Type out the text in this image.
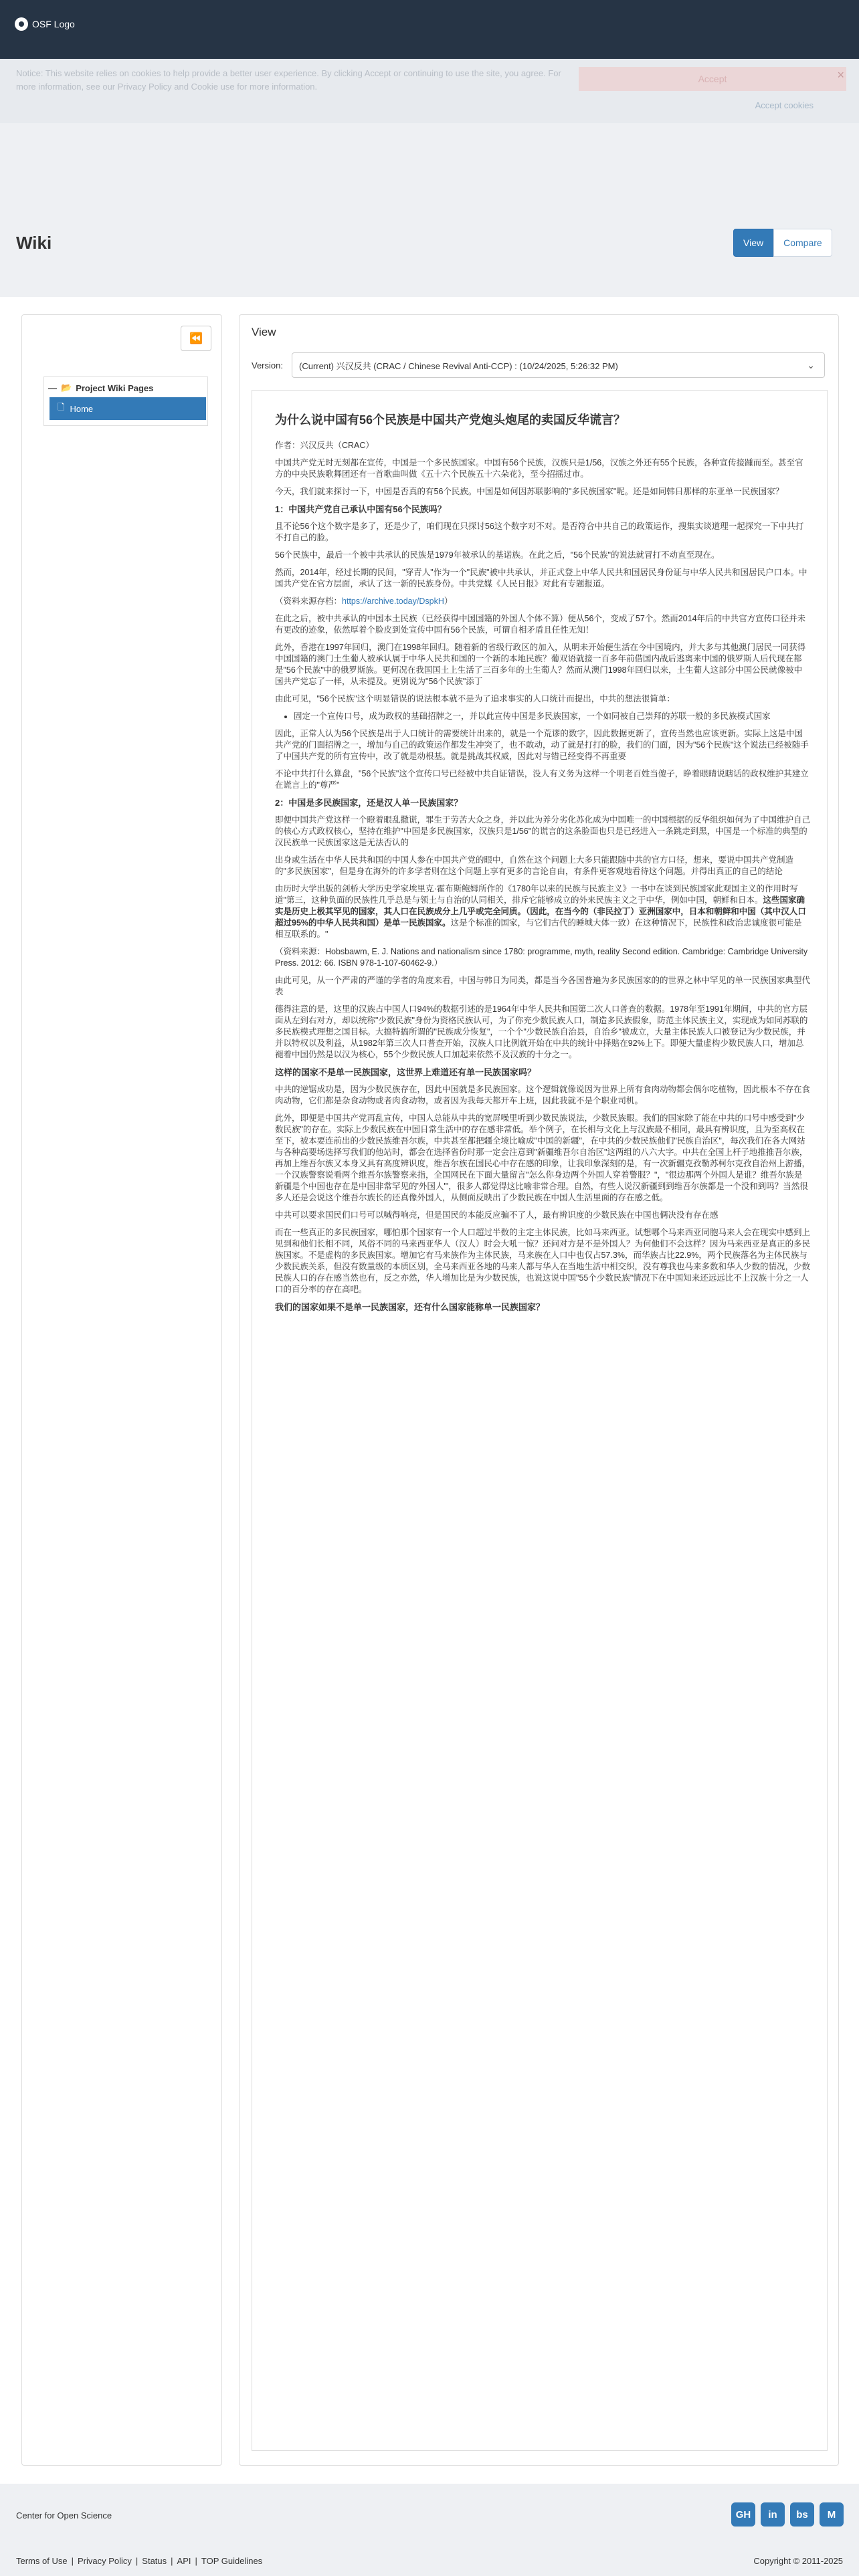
OSF Logo
Notice: This website relies on cookies to help provide a better user experience. By clicking Accept or continuing to use the site, you agree. For more information, see our Privacy Policy and Cookie use for more information.
Accept	×
Accept cookies
Wiki	View	Compare
⏪
— 📂 Project Wiki Pages
🗋 Home
View
Version: (Current) 兴汉反共 (CRAC / Chinese Revival Anti-CCP) : (10/24/2025, 5:26:32 PM)	⌄
为什么说中国有56个民族是中国共产党炮头炮尾的卖国反华谎言？

作者：兴汉反共（CRAC）

中国共产党无时无刻都在宣传，中国是一个多民族国家。中国有56个民族，汉族只是1/56，汉族之外还有55个民族，各种宣传接踵而至。甚至官方的中央民族歌舞团还有一首歌曲叫做《五十六个民族五十六朵花》，至今招摇过市。

今天，我们就来探讨一下，中国是否真的有56个民族。中国是如何因苏联影响的"多民族国家"呢。还是如同韩日那样的东亚单一民族国家？

1：中国共产党自己承认中国有56个民族吗？

且不论56个这个数字是多了，还是少了，咱们现在只探讨56这个数字对不对。是否符合中共自己的政策运作，搜集实谈道理一起探究一下中共打不打自己的脸。

56个民族中，最后一个被中共承认的民族是1979年被承认的基诺族。在此之后，"56个民族"的说法就冒打不动直至现在。

然而，2014年，经过长期的民间，"穿青人"作为一个"民族"被中共承认，并正式登上中华人民共和国居民身份证与中华人民共和国居民户口本。中国共产党在官方层面，承认了这一新的民族身份。中共党媒《人民日报》对此有专题报道。

（资料来源存档：https://archive.today/DspkH）

在此之后，被中共承认的中国本土民族（已经获得中国国籍的外国人个体不算）便从56个，变成了57个。然而2014年后的中共官方宣传口径并未有更改的迹象，依然厚着个脸皮到处宣传中国有56个民族，可谓自相矛盾且任性无知！

此外，香港在1997年回归，澳门在1998年回归。随着新的省级行政区的加入，从明未开始便生活在今中国境内，并大多与其他澳门居民一同获得中国国籍的澳门土生葡人被承认属于中华人民共和国的一个新的本地民族？葡双语就接一百多年前借国内战后逃离来中国的俄罗斯人后代现在都是"56个民族"中的俄罗斯族。更何况在我国国土上生活了三百多年的土生葡人？然而从澳门1998年回归以来，土生葡人这部分中国公民就像被中国共产党忘了一样，从未提及。更别说为"56个民族"添丁

由此可见，"56个民族"这个明显错误的说法根本就不是为了追求事实的人口统计而提出，中共的想法很简单：

• 固定一个宣传口号，成为政权的基础招牌之一，并以此宣传中国是多民族国家，一个如同被自己崇拜的苏联一般的多民族模式国家

因此，正常人认为56个民族是出于人口统计的需要统计出来的，就是一个荒谬的数字，因此数据更新了，宣传当然也应该更新。实际上这是中国共产党的门面招牌之一，增加与自己的政策运作都发生冲突了，也不敢动，动了就是打打的脸，我们的门面，因为"56个民族"这个说法已经被随手了中国共产党的所有宣传中，改了就是动根基。就是挑战其权威，因此对与错已经变得不再重要

不论中共打什么算盘，"56个民族"这个宣传口号已经被中共自证错误，没人有义务为这样一个明老百姓当傻子，睁着眼睛说瞎话的政权维护其建立在谎言上的"尊严"

2：中国是多民族国家，还是汉人单一民族国家？

即便中国共产党这样一个瞪着眼乱撒谎，罪生于劳苦大众之身，并以此为养分劣化苏化成为中国唯一的中国根据的反华组织如何为了中国维护自己的核心方式政权核心，坚持在维护"中国是多民族国家，汉族只是1/56"的谎言的这条脸面也只是已经进入一条跳走到黑，中国是一个标准的典型的汉民族单一民族国家这是无法否认的

出身或生活在中华人民共和国的中国人参在中国共产党的眼中，自然在这个问题上大多只能跟随中共的官方口径，想来，要说中国共产党制造的"多民族国家"，但是身在海外的许多学者则在这个问题上享有更多的言论自由，有条件更客观地看待这个问题。并得出真正的自己的结论

由历时大学出版的剑桥大学历史学家埃里克·霍布斯鲍姆所作的《1780年以来的民族与民族主义》一书中在谈到民族国家此观国主义的作用时写道"第三，这种负面的民族性几乎总是与领土与自治的认同相关，排斥它能够成立的外来民族主义之于中华，例如中国，朝鲜和日本。这些国家确实是历史上极其罕见的国家，其人口在民族成分上几乎或完全同质。（因此，在当今的（非民拉丁）亚洲国家中，日本和朝鲜和中国（其中汉人口超过95%的中华人民共和国）是单一民族国家。这是个标准的国家，与它们古代的睡城大体一致）在这种情况下，民族性和政治忠诚度很可能是相互联系的。"

（资料来源：Hobsbawm, E. J. Nations and nationalism since 1780: programme, myth, reality Second edition. Cambridge: Cambridge University Press. 2012: 66. ISBN 978-1-107-60462-9.）

由此可见，从一个严肃的严谨的学者的角度来看，中国与韩日为同类，都是当今各国普遍为多民族国家的的世界之林中罕见的单一民族国家典型代表

德得注意的是，这里的汉族占中国人口94%的数据引述的是1964年中华人民共和国第二次人口普查的数据。1978年至1991年期间，中共的官方层面从左到右对方，却以统称"少数民族"身份为资格民族认可，为了你充少数民族人口，制造多民族假象，防范主体民族主义，实现成为如同苏联的多民族模式理想之国目标。大搞特搞所谓的"民族成分恢复"，一个个"少数民族自治县，自治乡"被成立，大量主体民族人口被登记为少数民族，并并以特权以及利益，从1982年第三次人口普查开始，汉族人口比例就开始在中共的统计中择赔在92%上下。即便大量虚构少数民族人口，增加总褪着中国仍然是以汉为核心，55个少数民族人口加起来依然不及汉族的十分之一。

这样的国家不是单一民族国家，这世界上难道还有单一民族国家吗？

中共的逆锯成功是，因为少数民族存在，因此中国就是多民族国家。这个逻辑就像说因为世界上所有食肉动物都会偶尔吃植物，因此根本不存在食肉动物，它们都是杂食动物或者肉食动物，或者因为我每天都开车上班，因此我就不是个职业司机。

此外，即便是中国共产党再乱宣传，中国人总能从中共的宽屏噪里听到少数民族说法，少数民族眼。我们的国家除了能在中共的口号中感受到"少数民族"的存在。实际上少数民族在中国日常生活中的存在感非常低。举个例子，在长相与文化上与汉族最不相同，最具有辨识度，且为至高权在至下，被本要连前出的少数民族维吾尔族，中共甚至都把疆全境比喻成"中国的新疆"，在中共的少数民族他们"民族自治区"，每次我们在各大网站与各种高要场选择写我们的他站时，都会在选择省份时那一定会注意到"新疆维吾尔自治区"这两组的八六大字。中共在全国上杆子地推推吾尔族，再加上维吾尔族又本身又具有高度辨识度，维吾尔族在国民心中存在感的印象，让我印象深刻的是，有一次新疆克孜勒苏柯尔克孜自治州上游播，一个汉族警察说看两个维吾尔族警察来指，全国网民在下面大量留言"怎么你身边两个外国人穿着警服？"，"很边那两个外国人是谁？维吾尔族是新疆是个中国也存在是中国非常罕见的'外国人'"，很多人都觉得这比喻非常合理。自然，有些人说汉新疆到到维吾尔族都是一个没和到吗？当然很多人还是会说这个维吾尔族长的还真像外国人，从侧面反映出了少数民族在中国人生活里面的存在感之低。

中共可以要求国民们口号可以喊得响亮，但是国民的本能反应骗不了人，最有辨识度的少数民族在中国也俩决没有存在感

而在一些真正的多民族国家，哪怕那个国家有一个人口超过半数的主定主体民族，比如马来西亚。试想哪个马来西亚同胞马来人会在现实中感到上见到和他们长相不同，风俗不同的马来西亚华人（汉人）时会大吼一惊？还问对方是不是外国人？为何他们不会这样？因为马来西亚是真正的多民族国家。不是虚构的多民族国家。增加它有马来族作为主体民族，马来族在人口中也仅占57.3%，而华族占比22.9%，两个民族落名为主体民族与少数民族关系，但没有数量级的本质区别，全马来西亚各地的马来人都与华人在当地生活中相交织，没有尊我也马来多数和华人少数的情况，少数民族人口的存在感当然也有，反之亦然，华人增加比是为少数民族，也说这说中国"55个少数民族"情况下在中国知来还远远比不上汉族十分之一人口的百分率的存在高吧。

我们的国家如果不是单一民族国家，还有什么国家能称单一民族国家？
Center for Open Science	GH	in	bs	M
Terms of Use | Privacy Policy | Status | API | TOP Guidelines	Copyright © 2011-2025
